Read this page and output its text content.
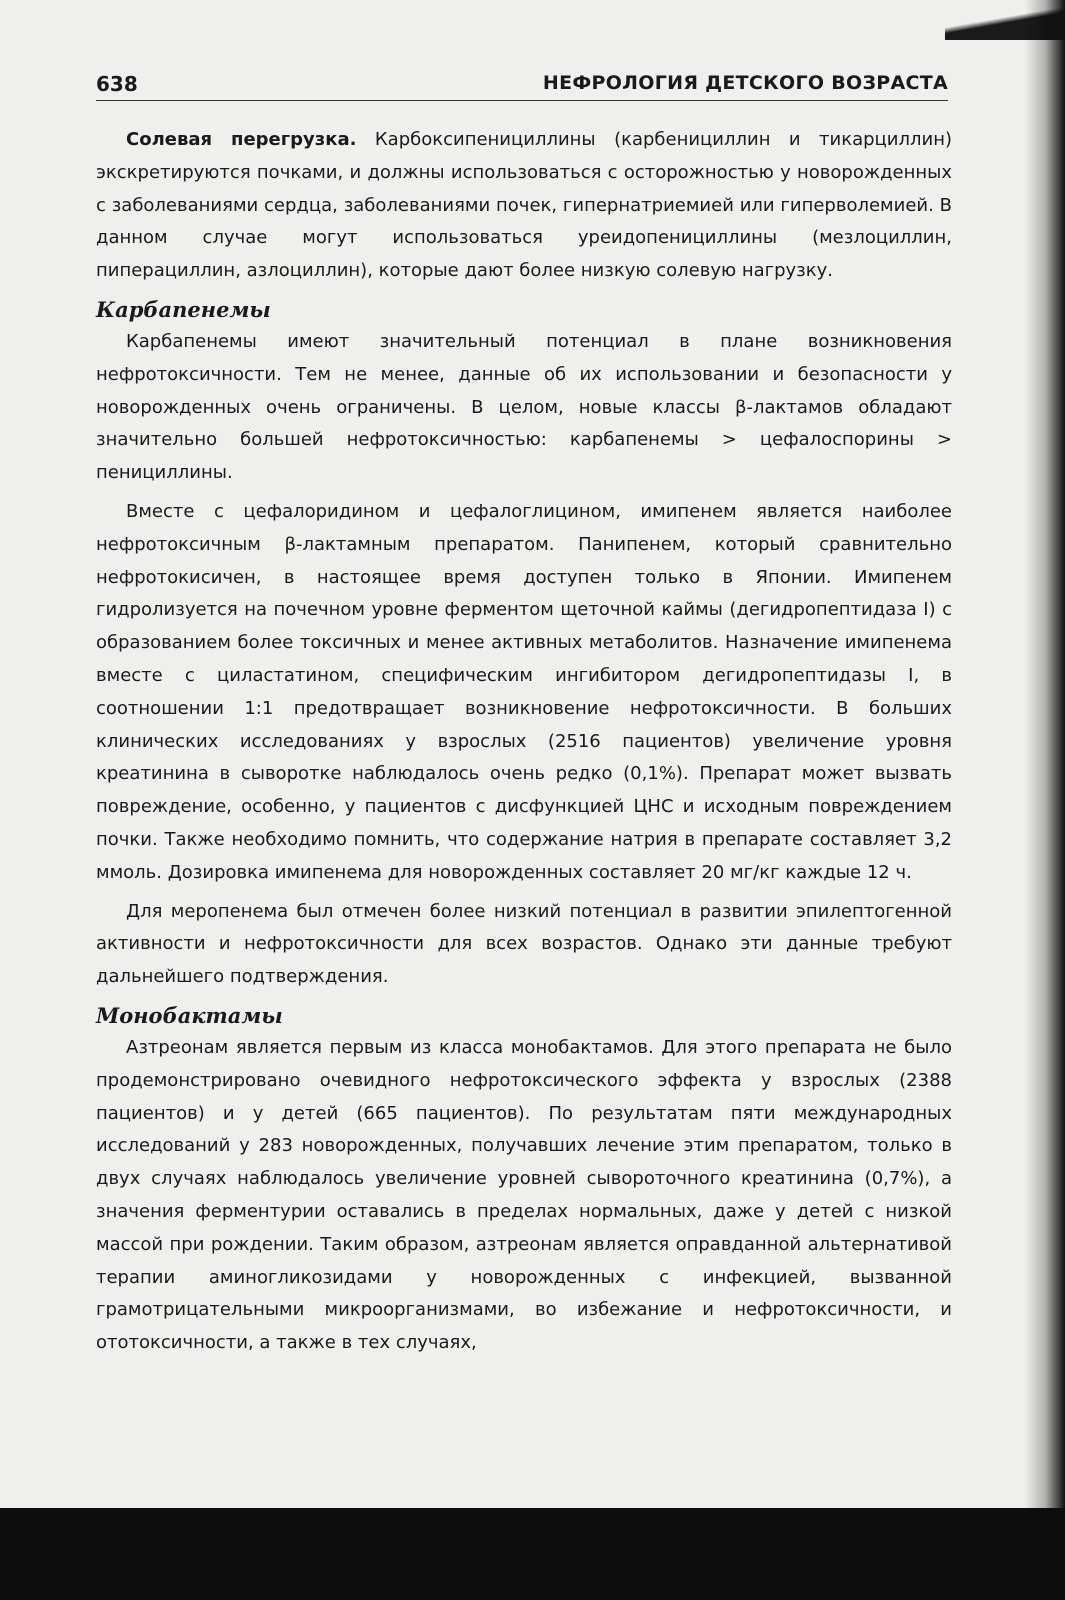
638	НЕФРОЛОГИЯ ДЕТСКОГО ВОЗРАСТА

Солевая перегрузка. Карбоксипенициллины (карбенициллин и тикарциллин) экскретируются почками, и должны использоваться с осторожностью у новорожденных с заболеваниями сердца, заболеваниями почек, гипернатриемией или гиперволемией. В данном случае могут использоваться уреидопенициллины (мезлоциллин, пиперациллин, азлоциллин), которые дают более низкую солевую нагрузку.

Карбапенемы

Карбапенемы имеют значительный потенциал в плане возникновения нефротоксичности. Тем не менее, данные об их использовании и безопасности у новорожденных очень ограничены. В целом, новые классы β-лактамов обладают значительно большей нефротоксичностью: карбапенемы > цефалоспорины > пенициллины.

Вместе с цефалоридином и цефалоглицином, имипенем является наиболее нефротоксичным β-лактамным препаратом. Панипенем, который сравнительно нефротокисичен, в настоящее время доступен только в Японии. Имипенем гидролизуется на почечном уровне ферментом щеточной каймы (дегидропептидаза I) с образованием более токсичных и менее активных метаболитов. Назначение имипенема вместе с циластатином, специфическим ингибитором дегидропептидазы I, в соотношении 1:1 предотвращает возникновение нефротоксичности. В больших клинических исследованиях у взрослых (2516 пациентов) увеличение уровня креатинина в сыворотке наблюдалось очень редко (0,1%). Препарат может вызвать повреждение, особенно, у пациентов с дисфункцией ЦНС и исходным повреждением почки. Также необходимо помнить, что содержание натрия в препарате составляет 3,2 ммоль. Дозировка имипенема для новорожденных составляет 20 мг/кг каждые 12 ч.

Для меропенема был отмечен более низкий потенциал в развитии эпилептогенной активности и нефротоксичности для всех возрастов. Однако эти данные требуют дальнейшего подтверждения.

Монобактамы

Азтреонам является первым из класса монобактамов. Для этого препарата не было продемонстрировано очевидного нефротоксического эффекта у взрослых (2388 пациентов) и у детей (665 пациентов). По результатам пяти международных исследований у 283 новорожденных, получавших лечение этим препаратом, только в двух случаях наблюдалось увеличение уровней сывороточного креатинина (0,7%), а значения ферментурии оставались в пределах нормальных, даже у детей с низкой массой при рождении. Таким образом, азтреонам является оправданной альтернативой терапии аминогликозидами у новорожденных с инфекцией, вызванной грамотрицательными микроорганизмами, во избежание и нефротоксичности, и ототоксичности, а также в тех случаях,
